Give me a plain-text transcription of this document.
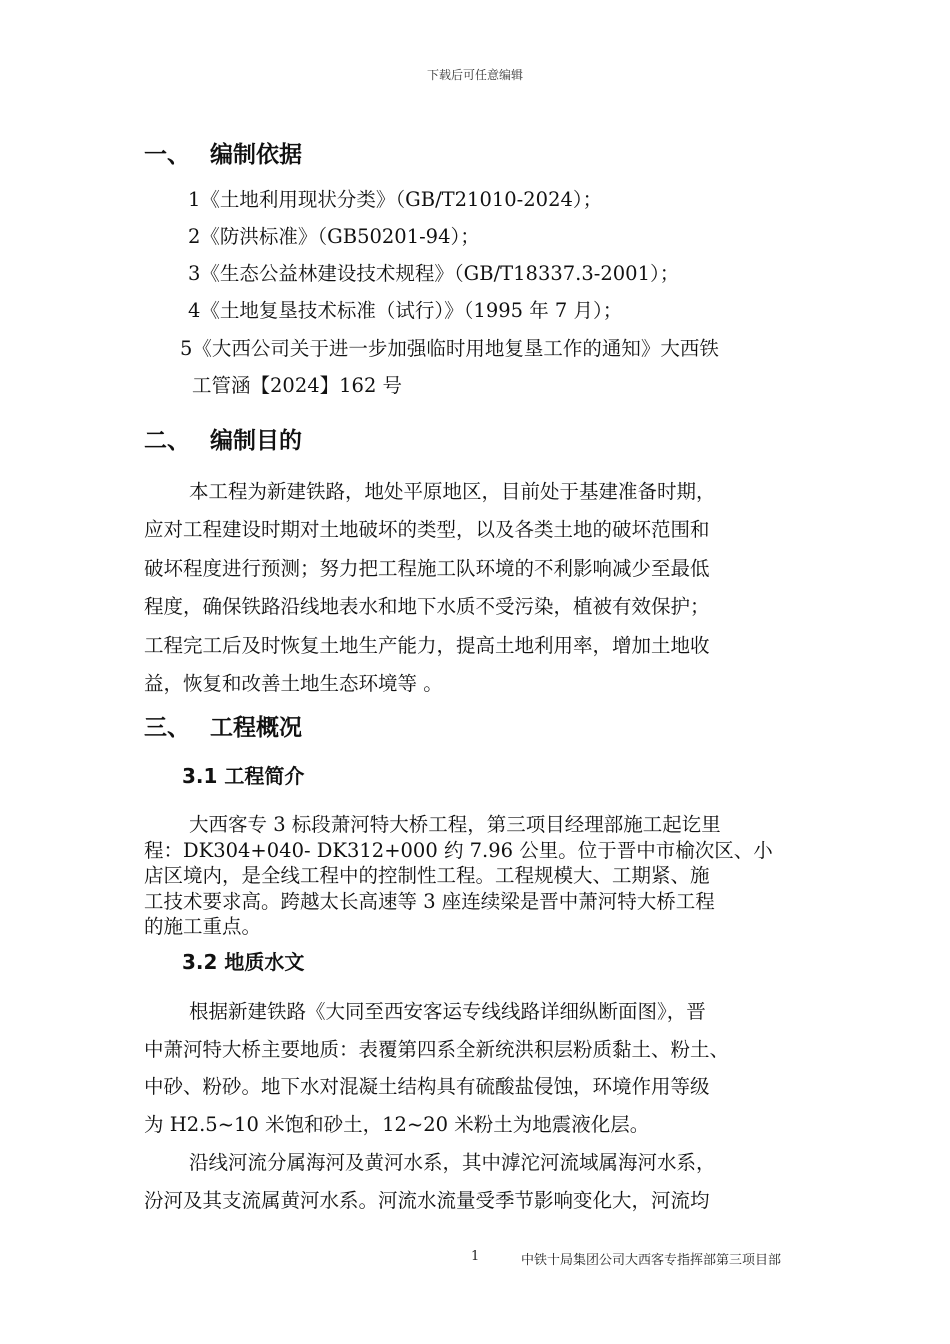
下载后可任意编辑
一、 编制依据
1《土地利用现状分类》（GB/T21010-2024）；
2《防洪标准》（GB50201-94）；
3《生态公益林建设技术规程》（GB/T18337.3-2001）；
4《土地复垦技术标准（试行）》（1995 年 7 月）；
5《大西公司关于进一步加强临时用地复垦工作的通知》大西铁
工管涵【2024】162 号
二、 编制目的
本工程为新建铁路，地处平原地区，目前处于基建准备时期，
应对工程建设时期对土地破坏的类型，以及各类土地的破坏范围和
破坏程度进行预测；努力把工程施工队环境的不利影响减少至最低
程度，确保铁路沿线地表水和地下水质不受污染，植被有效保护；
工程完工后及时恢复土地生产能力，提高土地利用率，增加土地收
益，恢复和改善土地生态环境等 。
三、 工程概况
3.1 工程简介
大西客专 3 标段萧河特大桥工程，第三项目经理部施工起讫里
程：DK304+040- DK312+000 约 7.96 公里。位于晋中市榆次区、小
店区境内，是全线工程中的控制性工程。工程规模大、工期紧、施
工技术要求高。跨越太长高速等 3 座连续梁是晋中萧河特大桥工程
的施工重点。
3.2 地质水文
根据新建铁路《大同至西安客运专线线路详细纵断面图》，晋
中萧河特大桥主要地质：表覆第四系全新统洪积层粉质黏土、粉土、
中砂、粉砂。地下水对混凝土结构具有硫酸盐侵蚀，环境作用等级
为 H2.5~10 米饱和砂土，12~20 米粉土为地震液化层。
沿线河流分属海河及黄河水系，其中滹沱河流域属海河水系，
汾河及其支流属黄河水系。河流水流量受季节影响变化大，河流均
1	中铁十局集团公司大西客专指挥部第三项目部
